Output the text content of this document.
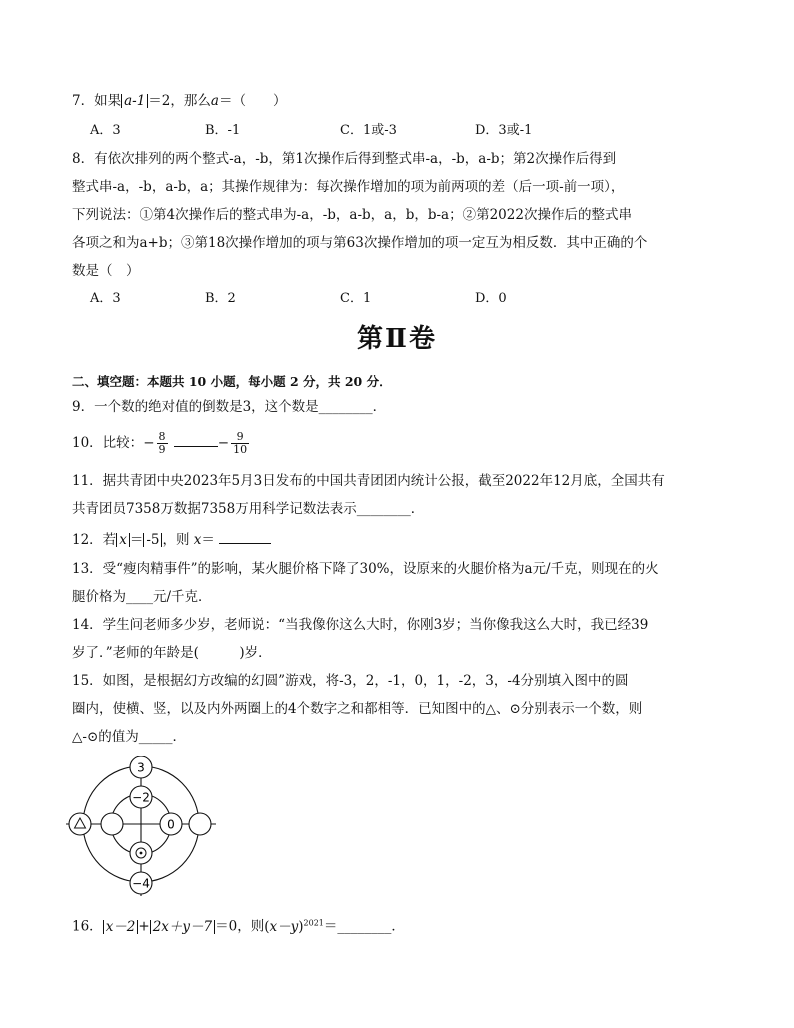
7．如果 a-1 ＝2，那么a＝（　　）
A．3	B．-1	C．1或-3	D．3或-1
8．有依次排列的两个整式-a，-b，第1次操作后得到整式串-a，-b，a-b；第2次操作后得到
整式串-a，-b，a-b，a；其操作规律为：每次操作增加的项为前两项的差（后一项-前一项），
下列说法：①第4次操作后的整式串为-a，-b，a-b，a，b，b-a；②第2022次操作后的整式串
各项之和为a+b；③第18次操作增加的项与第63次操作增加的项一定互为相反数．其中正确的个
数是（　）
A．3	B．2	C．1	D．0
第Ⅱ卷
二、填空题：本题共 10 小题，每小题 2 分，共 20 分．
9．一个数的绝对值的倒数是3，这个数是________．
10．比较：− $\frac{8}{9}$	− $\frac{9}{10}$
11．据共青团中央2023年5月3日发布的中国共青团团内统计公报，截至2022年12月底，全国共有
共青团员7358万数据7358万用科学记数法表示________．
12．若 x ＝ -5 ，则 x＝
13．受“瘦肉精事件”的影响，某火腿价格下降了30%，设原来的火腿价格为a元/千克，则现在的火
腿价格为____元/千克．
14．学生问老师多少岁，老师说：“当我像你这么大时，你刚3岁；当你像我这么大时，我已经39
岁了．”老师的年龄是(　　　)岁．
15．如图，是根据幻方改编的幻圆”游戏，将-3，2，-1，0，1，-2，3，-4分别填入图中的圆
圈内，使横、竖，以及内外两圈上的4个数字之和都相等．已知图中的△、⊙分别表示一个数，则
△-⊙的值为_____．
3
−2
0
−4
16． x－2 + 2x＋y－7 ＝0，则$(x-y)^{2021}=\_\_\_\_\_\_\_\_$．
